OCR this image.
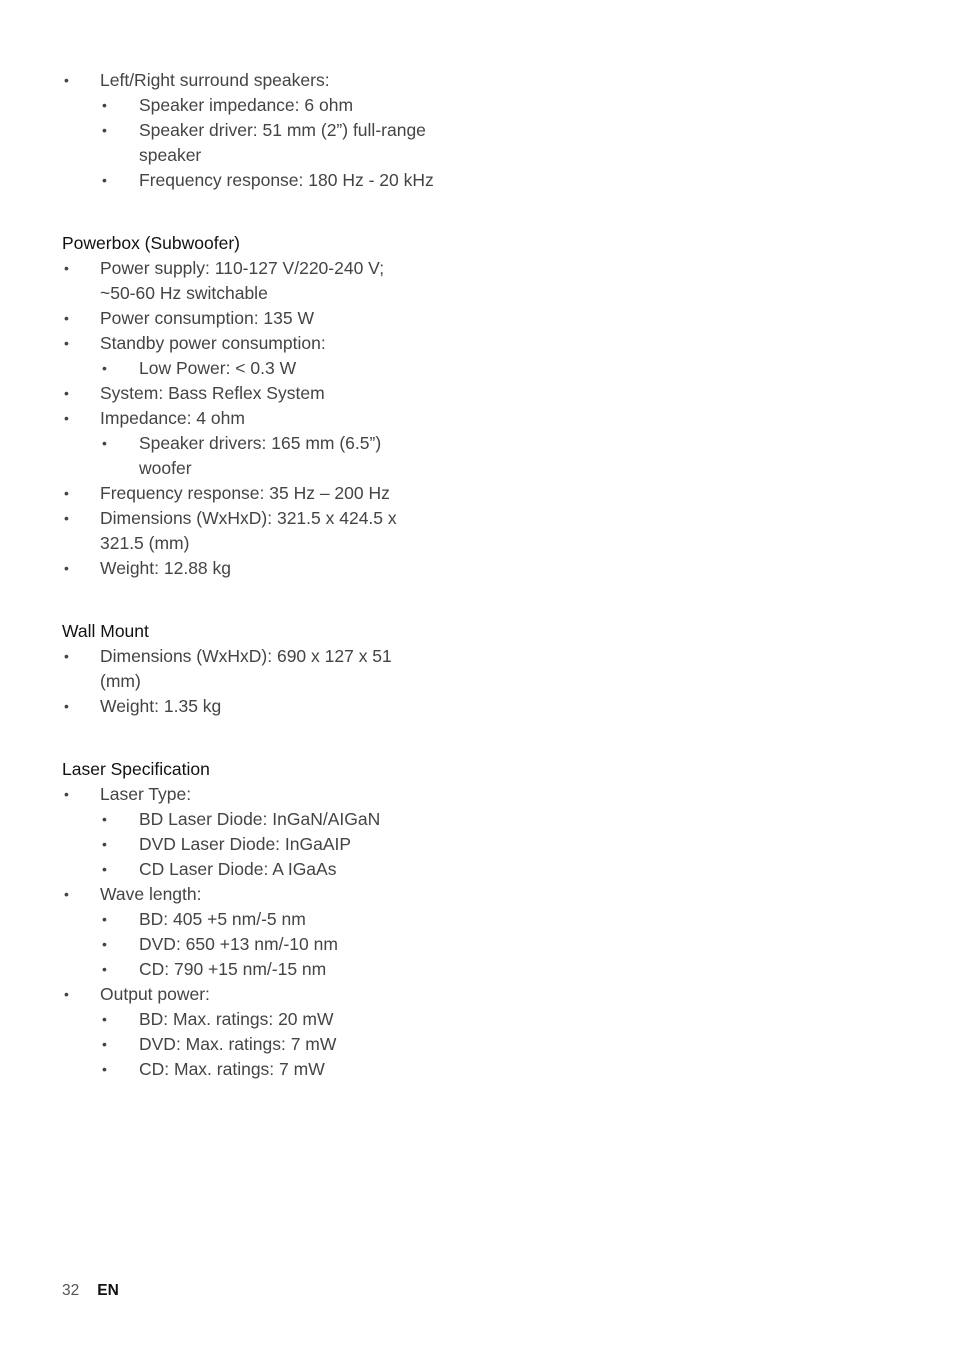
• Left/Right surround speakers:
• Speaker impedance: 6 ohm
• Speaker driver: 51 mm (2”) full-range
speaker
• Frequency response: 180 Hz - 20 kHz
Powerbox (Subwoofer)
• Power supply: 110-127 V/220-240 V;
~50-60 Hz switchable
• Power consumption: 135 W
• Standby power consumption:
• Low Power: < 0.3 W
• System: Bass Reflex System
• Impedance: 4 ohm
• Speaker drivers: 165 mm (6.5”)
woofer
• Frequency response: 35 Hz – 200 Hz
• Dimensions (WxHxD): 321.5 x 424.5 x
321.5 (mm)
• Weight: 12.88 kg
Wall Mount
• Dimensions (WxHxD): 690 x 127 x 51
(mm)
• Weight: 1.35 kg
Laser Specification
• Laser Type:
• BD Laser Diode: InGaN/AIGaN
• DVD Laser Diode: InGaAIP
• CD Laser Diode: A IGaAs
• Wave length:
• BD: 405 +5 nm/-5 nm
• DVD: 650 +13 nm/-10 nm
• CD: 790 +15 nm/-15 nm
• Output power:
• BD: Max. ratings: 20 mW
• DVD: Max. ratings: 7 mW
• CD: Max. ratings: 7 mW
32 EN
